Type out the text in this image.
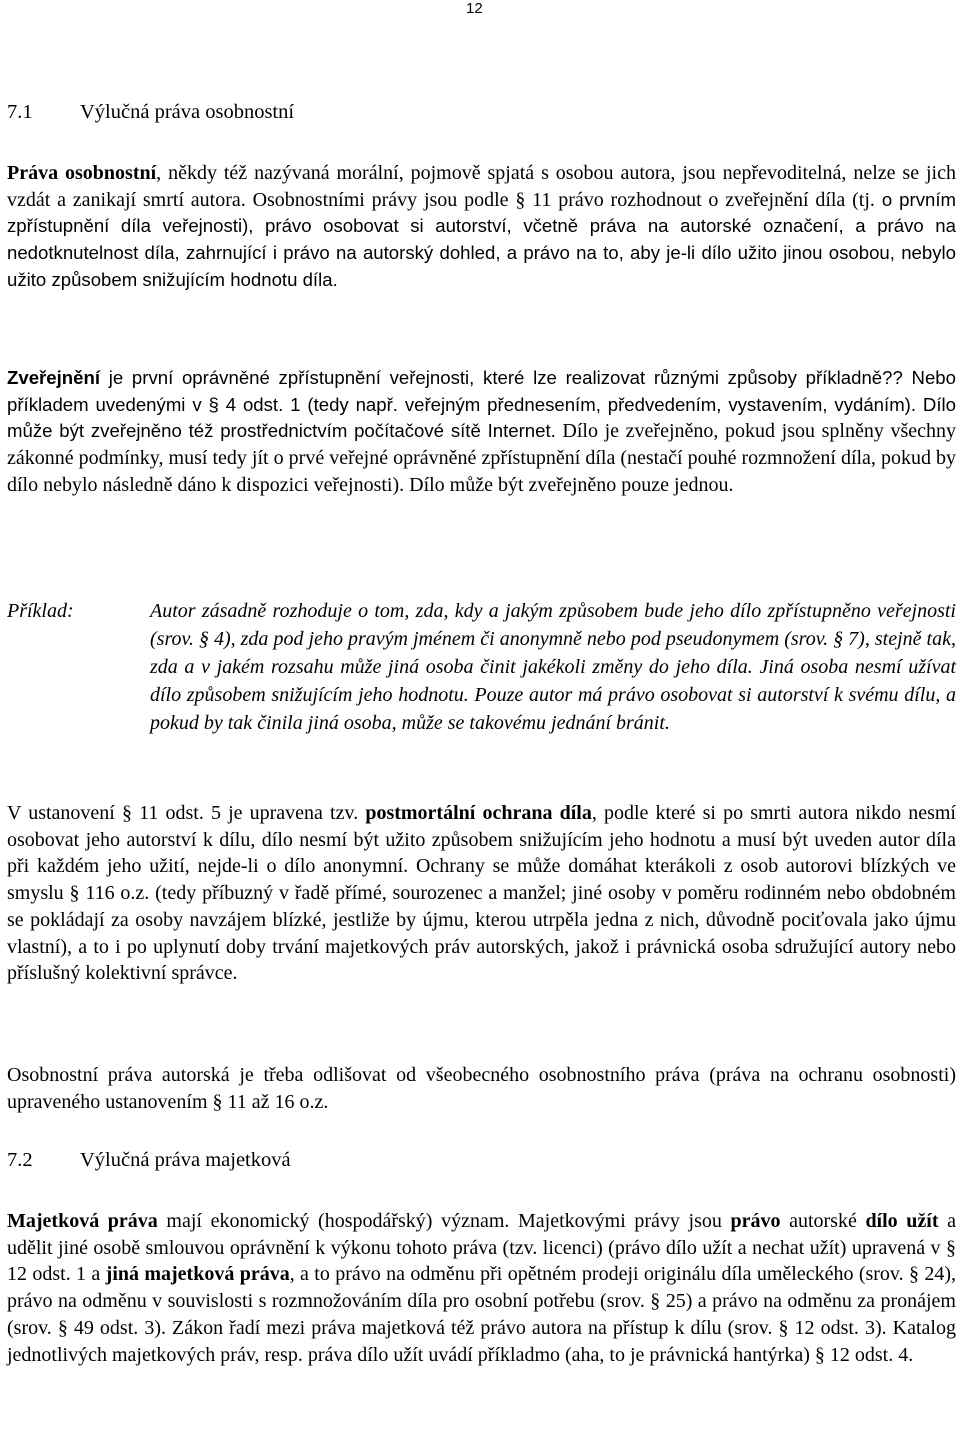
12
7.1 Výlučná práva osobnostní

Práva osobnostní, někdy též nazývaná morální, pojmově spjatá s osobou autora, jsou nepřevoditelná, nelze se jich vzdát a zanikají smrtí autora. Osobnostními právy jsou podle § 11 právo rozhodnout o zveřejnění díla (tj. o prvním zpřístupnění díla veřejnosti), právo osobovat si autorství, včetně práva na autorské označení, a právo na nedotknutelnost díla, zahrnující i právo na autorský dohled, a právo na to, aby je-li dílo užito jinou osobou, nebylo užito způsobem snižujícím hodnotu díla.

Zveřejnění je první oprávněné zpřístupnění veřejnosti, které lze realizovat různými způsoby příkladně?? Nebo příkladem uvedenými v § 4 odst. 1 (tedy např. veřejným přednesením, předvedením, vystavením, vydáním). Dílo může být zveřejněno též prostřednictvím počítačové sítě Internet. Dílo je zveřejněno, pokud jsou splněny všechny zákonné podmínky, musí tedy jít o prvé veřejné oprávněné zpřístupnění díla (nestačí pouhé rozmnožení díla, pokud by dílo nebylo následně dáno k dispozici veřejnosti). Dílo může být zveřejněno pouze jednou.

Příklad:	Autor zásadně rozhoduje o tom, zda, kdy a jakým způsobem bude jeho dílo zpřístupněno veřejnosti (srov. § 4), zda pod jeho pravým jménem či anonymně nebo pod pseudonymem (srov. § 7), stejně tak, zda a v jakém rozsahu může jiná osoba činit jakékoli změny do jeho díla. Jiná osoba nesmí užívat dílo způsobem snižujícím jeho hodnotu. Pouze autor má právo osobovat si autorství k svému dílu, a pokud by tak činila jiná osoba, může se takovému jednání bránit.

V ustanovení § 11 odst. 5 je upravena tzv. postmortální ochrana díla, podle které si po smrti autora nikdo nesmí osobovat jeho autorství k dílu, dílo nesmí být užito způsobem snižujícím jeho hodnotu a musí být uveden autor díla při každém jeho užití, nejde-li o dílo anonymní. Ochrany se může domáhat kterákoli z osob autorovi blízkých ve smyslu § 116 o.z. (tedy příbuzný v řadě přímé, sourozenec a manžel; jiné osoby v poměru rodinném nebo obdobném se pokládají za osoby navzájem blízké, jestliže by újmu, kterou utrpěla jedna z nich, důvodně pociťovala jako újmu vlastní), a to i po uplynutí doby trvání majetkových práv autorských, jakož i právnická osoba sdružující autory nebo příslušný kolektivní správce.

Osobnostní práva autorská je třeba odlišovat od všeobecného osobnostního práva (práva na ochranu osobnosti) upraveného ustanovením § 11 až 16 o.z.

7.2 Výlučná práva majetková

Majetková práva mají ekonomický (hospodářský) význam. Majetkovými právy jsou právo autorské dílo užít a udělit jiné osobě smlouvou oprávnění k výkonu tohoto práva (tzv. licenci) (právo dílo užít a nechat užít) upravená v § 12 odst. 1 a jiná majetková práva, a to právo na odměnu při opětném prodeji originálu díla uměleckého (srov. § 24), právo na odměnu v souvislosti s rozmnožováním díla pro osobní potřebu (srov. § 25) a právo na odměnu za pronájem (srov. § 49 odst. 3). Zákon řadí mezi práva majetková též právo autora na přístup k dílu (srov. § 12 odst. 3). Katalog jednotlivých majetkových práv, resp. práva dílo užít uvádí příkladmo (aha, to je právnická hantýrka) § 12 odst. 4.
